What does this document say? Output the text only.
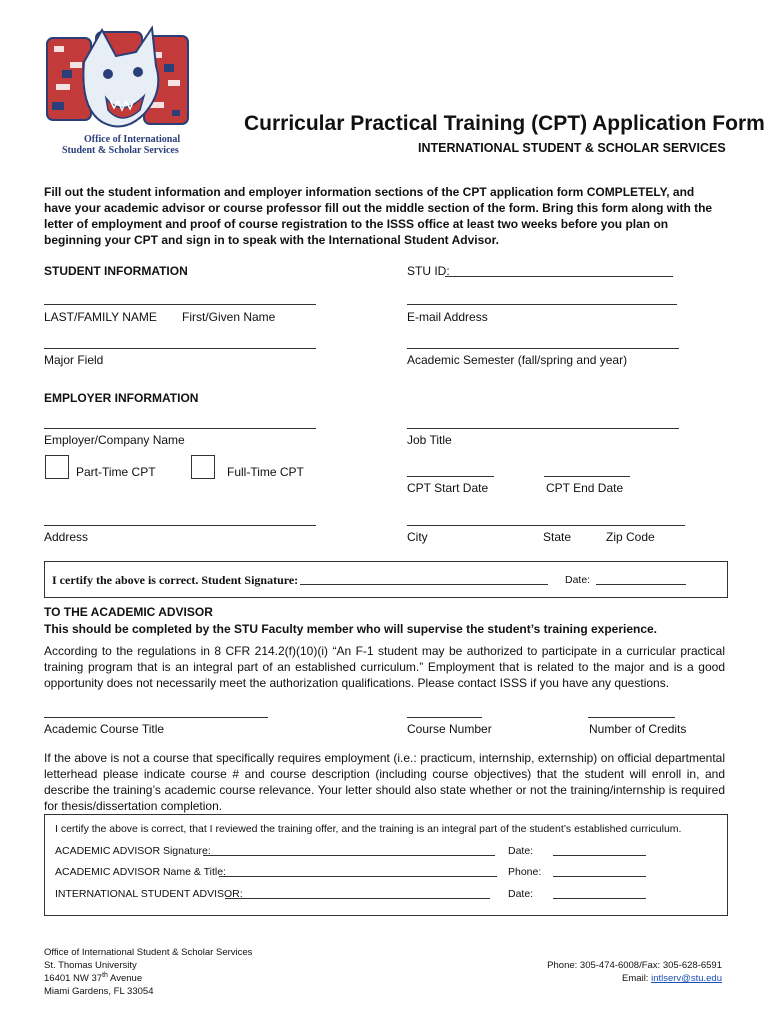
Office of International
Student & Scholar Services
Curricular Practical Training (CPT) Application Form
INTERNATIONAL STUDENT & SCHOLAR SERVICES
Fill out the student information and employer information sections of the CPT application form COMPLETELY, and have your academic advisor or course professor fill out the middle section of the form. Bring this form along with the letter of employment and proof of course registration to the ISSS office at least two weeks before you plan on beginning your CPT and sign in to speak with the International Student Advisor.
STUDENT INFORMATION	STU ID:
LAST/FAMILY NAME First/Given Name	E-mail Address
Major Field	Academic Semester (fall/spring and year)
EMPLOYER INFORMATION
Employer/Company Name	Job Title
Part-Time CPT	Full-Time CPT
CPT Start Date	CPT End Date
Address	City	State	Zip Code
I certify the above is correct. Student Signature:	Date:
TO THE ACADEMIC ADVISOR
This should be completed by the STU Faculty member who will supervise the student’s training experience.
According to the regulations in 8 CFR 214.2(f)(10)(i) “An F-1 student may be authorized to participate in a curricular practical training program that is an integral part of an established curriculum.” Employment that is related to the major and is a good opportunity does not necessarily meet the authorization qualifications. Please contact ISSS if you have any questions.
Academic Course Title	Course Number	Number of Credits
If the above is not a course that specifically requires employment (i.e.: practicum, internship, externship) on official departmental letterhead please indicate course # and course description (including course objectives) that the student will enroll in, and describe the training’s academic course relevance. Your letter should also state whether or not the training/internship is required for thesis/dissertation completion.
I certify the above is correct, that I reviewed the training offer, and the training is an integral part of the student’s established curriculum.
ACADEMIC ADVISOR Signature:	Date:
ACADEMIC ADVISOR Name & Title:	Phone:
INTERNATIONAL STUDENT ADVISOR:	Date:
Office of International Student & Scholar Services
St. Thomas University
16401 NW 37th Avenue
Miami Gardens, FL 33054
Phone: 305-474-6008/Fax: 305-628-6591
Email: intlserv@stu.edu
